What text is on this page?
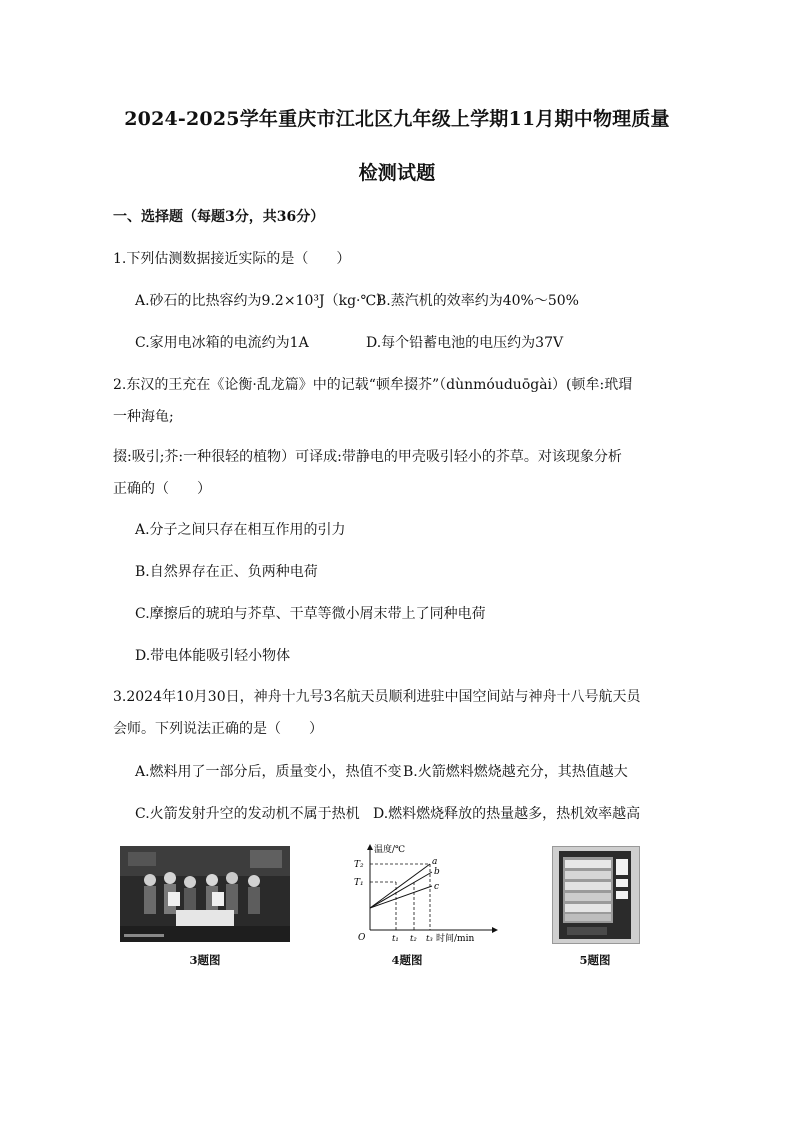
2024-2025学年重庆市江北区九年级上学期11月期中物理质量
检测试题
一、选择题（每题3分，共36分）
1.下列估测数据接近实际的是（　　）
A.砂石的比热容约为9.2×10³J（kg·℃）
B.蒸汽机的效率约为40%～50%
C.家用电冰箱的电流约为1A	D.每个铅蓄电池的电压约为37V
2.东汉的王充在《论衡·乱龙篇》中的记载“顿牟掇芥”（dùnmóuduōgài）(顿牟:玳瑁
一种海龟;
掇:吸引;芥:一种很轻的植物）可译成:带静电的甲壳吸引轻小的芥草。对该现象分析
正确的（　　）
A.分子之间只存在相互作用的引力
B.自然界存在正、负两种电荷
C.摩擦后的琥珀与芥草、干草等微小屑末带上了同种电荷
D.带电体能吸引轻小物体
3.2024年10月30日，神舟十九号3名航天员顺利进驻中国空间站与神舟十八号航天员
会师。下列说法正确的是（　　）
A.燃料用了一部分后，质量变小，热值不变 B.火箭燃料燃烧越充分，其热值越大
C.火箭发射升空的发动机不属于热机 D.燃料燃烧释放的热量越多，热机效率越高
3题图
温度/℃
T₂
T₁
O	t₁ t₂ t₃ 时间/min
a
b
c
4题图	5题图
